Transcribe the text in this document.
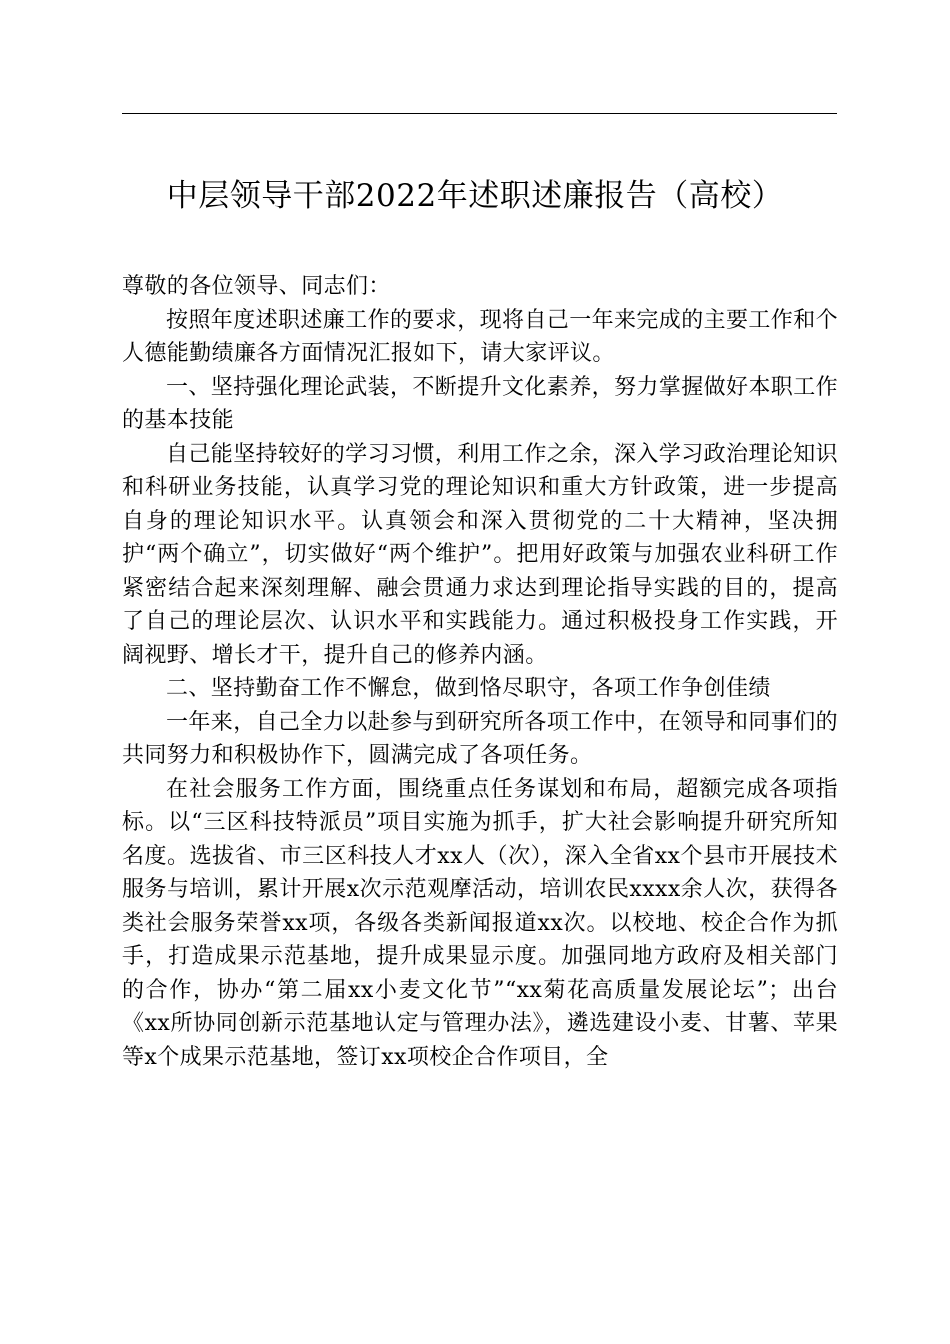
中层领导干部2022年述职述廉报告（高校）

尊敬的各位领导、同志们：

按照年度述职述廉工作的要求，现将自己一年来完成的主要工作和个人德能勤绩廉各方面情况汇报如下，请大家评议。

一、坚持强化理论武装，不断提升文化素养，努力掌握做好本职工作的基本技能

自己能坚持较好的学习习惯，利用工作之余，深入学习政治理论知识和科研业务技能，认真学习党的理论知识和重大方针政策，进一步提高自身的理论知识水平。认真领会和深入贯彻党的二十大精神，坚决拥护“两个确立”，切实做好“两个维护”。把用好政策与加强农业科研工作紧密结合起来深刻理解、融会贯通力求达到理论指导实践的目的，提高了自己的理论层次、认识水平和实践能力。通过积极投身工作实践，开阔视野、增长才干，提升自己的修养内涵。

二、坚持勤奋工作不懈怠，做到恪尽职守，各项工作争创佳绩

一年来，自己全力以赴参与到研究所各项工作中，在领导和同事们的共同努力和积极协作下，圆满完成了各项任务。

在社会服务工作方面，围绕重点任务谋划和布局，超额完成各项指标。以“三区科技特派员”项目实施为抓手，扩大社会影响提升研究所知名度。选拔省、市三区科技人才xx人（次），深入全省xx个县市开展技术服务与培训，累计开展x次示范观摩活动，培训农民xxxx余人次，获得各类社会服务荣誉xx项，各级各类新闻报道xx次。以校地、校企合作为抓手，打造成果示范基地，提升成果显示度。加强同地方政府及相关部门的合作，协办“第二届xx小麦文化节”“xx菊花高质量发展论坛”；出台《xx所协同创新示范基地认定与管理办法》，遴选建设小麦、甘薯、苹果等x个成果示范基地，签订xx项校企合作项目，全
